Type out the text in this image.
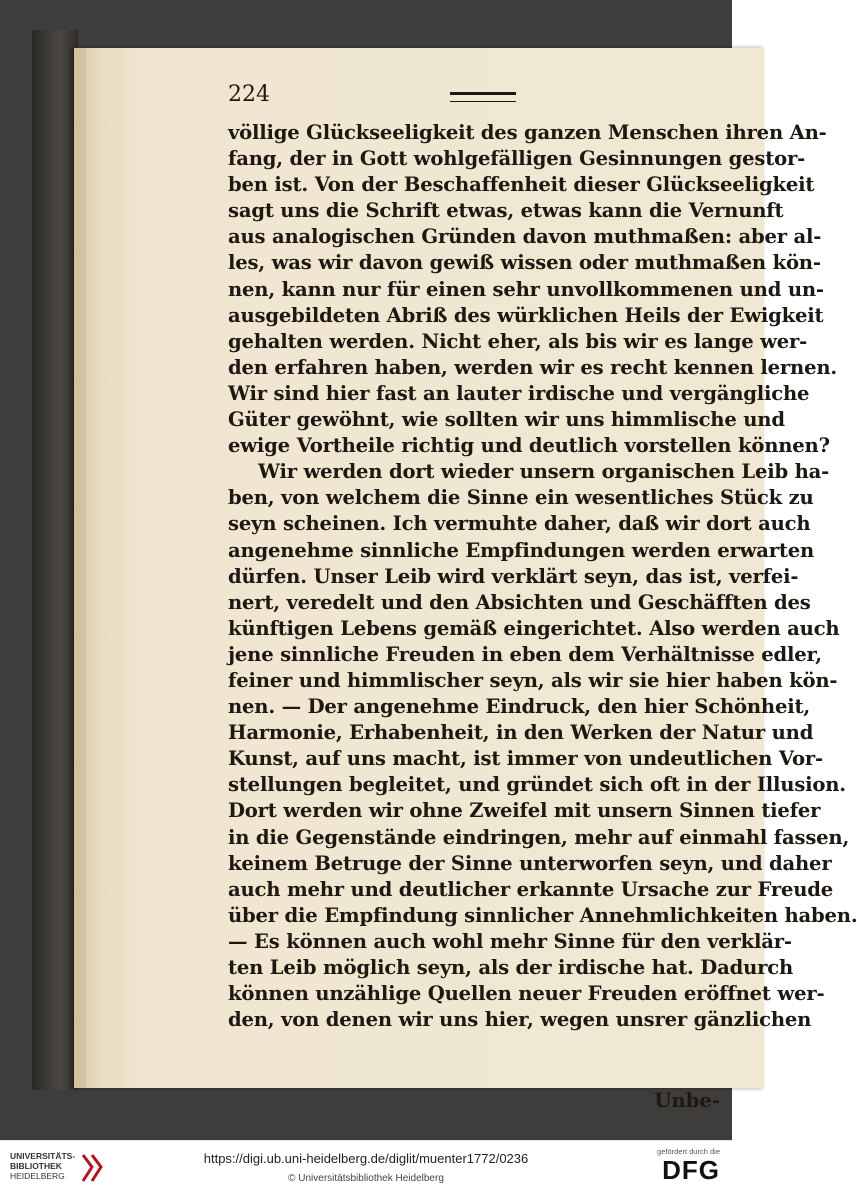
224
völlige Glückseeligkeit des ganzen Menschen ihren An-
fang, der in Gott wohlgefälligen Gesinnungen gestor-
ben ist. Von der Beschaffenheit dieser Glückseeligkeit
sagt uns die Schrift etwas, etwas kann die Vernunft
aus analogischen Gründen davon muthmaßen: aber al-
les, was wir davon gewiß wissen oder muthmaßen kön-
nen, kann nur für einen sehr unvollkommenen und un-
ausgebildeten Abriß des würklichen Heils der Ewigkeit
gehalten werden. Nicht eher, als bis wir es lange wer-
den erfahren haben, werden wir es recht kennen lernen.
Wir sind hier fast an lauter irdische und vergängliche
Güter gewöhnt, wie sollten wir uns himmlische und
ewige Vortheile richtig und deutlich vorstellen können?
Wir werden dort wieder unsern organischen Leib ha-
ben, von welchem die Sinne ein wesentliches Stück zu
seyn scheinen. Ich vermuhte daher, daß wir dort auch
angenehme sinnliche Empfindungen werden erwarten
dürfen. Unser Leib wird verklärt seyn, das ist, verfei-
nert, veredelt und den Absichten und Geschäfften des
künftigen Lebens gemäß eingerichtet. Also werden auch
jene sinnliche Freuden in eben dem Verhältnisse edler,
feiner und himmlischer seyn, als wir sie hier haben kön-
nen. — Der angenehme Eindruck, den hier Schönheit,
Harmonie, Erhabenheit, in den Werken der Natur und
Kunst, auf uns macht, ist immer von undeutlichen Vor-
stellungen begleitet, und gründet sich oft in der Illusion.
Dort werden wir ohne Zweifel mit unsern Sinnen tiefer
in die Gegenstände eindringen, mehr auf einmahl fassen,
keinem Betruge der Sinne unterworfen seyn, und daher
auch mehr und deutlicher erkannte Ursache zur Freude
über die Empfindung sinnlicher Annehmlichkeiten haben.
— Es können auch wohl mehr Sinne für den verklär-
ten Leib möglich seyn, als der irdische hat. Dadurch
können unzählige Quellen neuer Freuden eröffnet wer-
den, von denen wir uns hier, wegen unsrer gänzlichen
Unbe-
UNIVERSITÄTS-
BIBLIOTHEK
HEIDELBERG
https://digi.ub.uni-heidelberg.de/diglit/muenter1772/0236
© Universitätsbibliothek Heidelberg
gefördert durch die
DFG
